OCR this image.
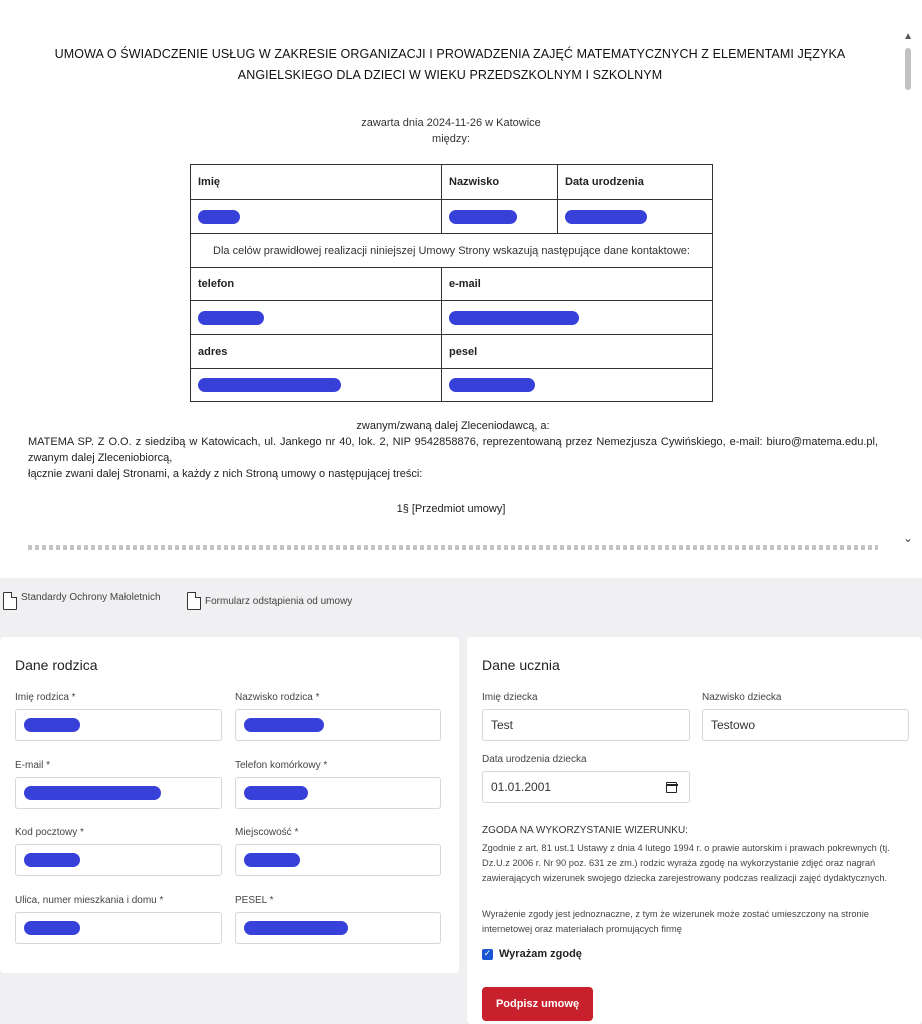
UMOWA O ŚWIADCZENIE USŁUG W ZAKRESIE ORGANIZACJI I PROWADZENIA ZAJĘĆ MATEMATYCZNYCH Z ELEMENTAMI JĘZYKA ANGIELSKIEGO DLA DZIECI W WIEKU PRZEDSZKOLNYM I SZKOLNYM
zawarta dnia 2024-11-26 w Katowice
między:
Imię	Nazwisko	Data urodzenia

Dla celów prawidłowej realizacji niniejszej Umowy Strony wskazują następujące dane kontaktowe:		
telefon	e-mail	

adres	pesel	

zwanym/zwaną dalej Zleceniodawcą, a:
MATEMA SP. Z O.O. z siedzibą w Katowicach, ul. Jankego nr 40, lok. 2, NIP 9542858876, reprezentowaną przez Nemezjusza Cywińskiego, e-mail: biuro@matema.edu.pl, zwanym dalej Zleceniobiorcą,
łącznie zwani dalej Stronami, a każdy z nich Stroną umowy o następującej treści:
1§ [Przedmiot umowy]
▲
⌄
Standardy Ochrony Małoletnich	Formularz odstąpienia od umowy
Dane rodzica
Imię rodzica *	Nazwisko rodzica *
E-mail *	Telefon komórkowy *
Kod pocztowy *	Miejscowość *
Ulica, numer mieszkania i domu *	PESEL *
Dane ucznia
Imię dziecka
Test
Nazwisko dziecka
Testowo
Data urodzenia dziecka
01.01.2001
ZGODA NA WYKORZYSTANIE WIZERUNKU:
Zgodnie z art. 81 ust.1 Ustawy z dnia 4 lutego 1994 r. o prawie autorskim i prawach pokrewnych (tj. Dz.U.z 2006 r. Nr 90 poz. 631 ze zm.) rodzic wyraża zgodę na wykorzystanie zdjęć oraz nagrań zawierających wizerunek swojego dziecka zarejestrowany podczas realizacji zajęć dydaktycznych.
Wyrażenie zgody jest jednoznaczne, z tym że wizerunek może zostać umieszczony na stronie internetowej oraz materiałach promujących firmę
✓ Wyrażam zgodę
Podpisz umowę
